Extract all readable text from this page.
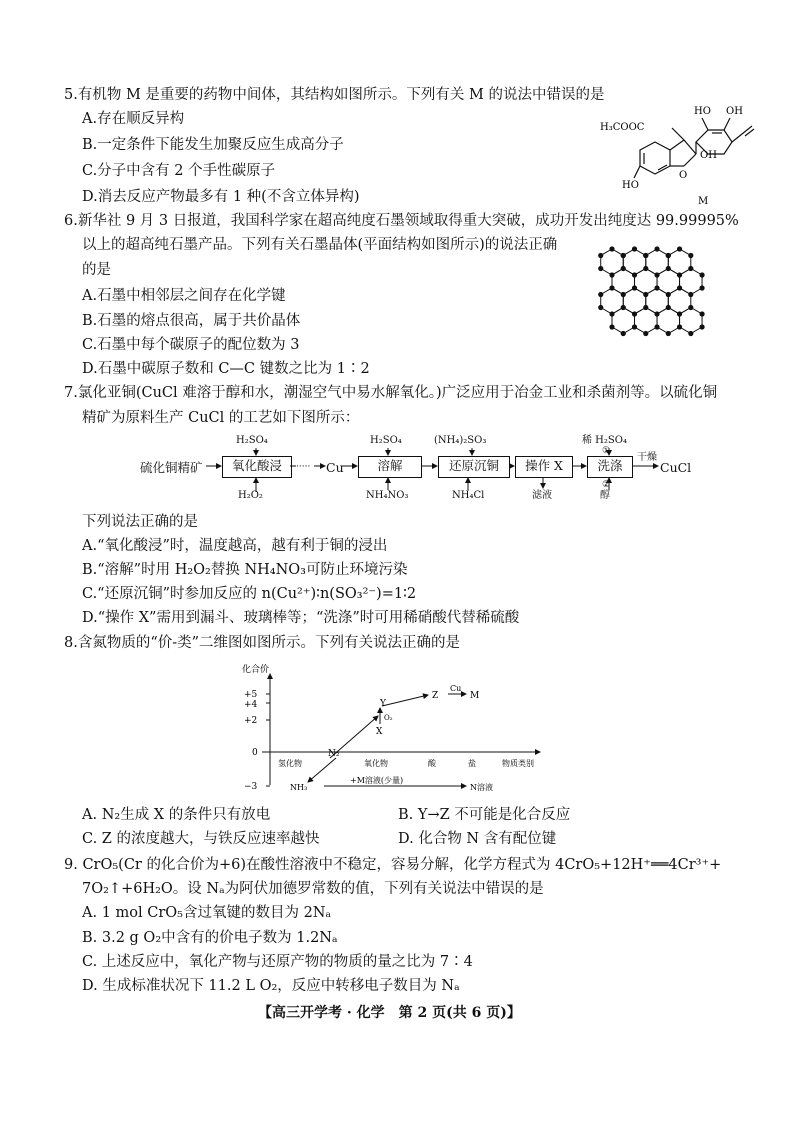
5.有机物 M 是重要的药物中间体，其结构如图所示。下列有关 M 的说法中错误的是
A.存在顺反异构
B.一定条件下能发生加聚反应生成高分子
C.分子中含有 2 个手性碳原子
D.消去反应产物最多有 1 种(不含立体异构)
H₃COOC
HO OH
OH
O
HO
M
6.新华社 9 月 3 日报道，我国科学家在超高纯度石墨领域取得重大突破，成功开发出纯度达 99.99995%
以上的超高纯石墨产品。下列有关石墨晶体(平面结构如图所示)的说法正确
的是
A.石墨中相邻层之间存在化学键
B.石墨的熔点很高，属于共价晶体
C.石墨中每个碳原子的配位数为 3
D.石墨中碳原子数和 C—C 键数之比为 1∶2
7.氯化亚铜(CuCl 难溶于醇和水，潮湿空气中易水解氧化。)广泛应用于冶金工业和杀菌剂等。以硫化铜
精矿为原料生产 CuCl 的工艺如下图所示：
硫化铜精矿	氧化酸浸	····· Cu	溶解	还原沉铜	操作 X	洗涤
干燥
CuCl
H₂SO₄	H₂SO₄	(NH₄)₂SO₃	稀 H₂SO₄
①
H₂O₂	NH₄NO₃	NH₄Cl	滤液
②
醇
下列说法正确的是
A.“氧化酸浸”时，温度越高，越有利于铜的浸出
B.“溶解”时用 H₂O₂替换 NH₄NO₃可防止环境污染
C.“还原沉铜”时参加反应的 n(Cu²⁺)∶n(SO₃²⁻)=1∶2
D.“操作 X”需用到漏斗、玻璃棒等；“洗涤”时可用稀硝酸代替稀硫酸
8.含氮物质的“价-类”二维图如图所示。下列有关说法正确的是
化合价
+5
+4
+2
0
−3
氢化物	氧化物	酸	盐	物质类别
Z	M
Y
X
N₂
NH₃	N溶液
Cu
O₂
+M溶液(少量)
A. N₂生成 X 的条件只有放电	B. Y→Z 不可能是化合反应
C. Z 的浓度越大，与铁反应速率越快	D. 化合物 N 含有配位键
9. CrO₅(Cr 的化合价为+6)在酸性溶液中不稳定，容易分解，化学方程式为 4CrO₅+12H⁺══4Cr³⁺+
7O₂↑+6H₂O。设 Nₐ为阿伏加德罗常数的值，下列有关说法中错误的是
A. 1 mol CrO₅含过氧键的数目为 2Nₐ
B. 3.2 g O₂中含有的价电子数为 1.2Nₐ
C. 上述反应中，氧化产物与还原产物的物质的量之比为 7∶4
D. 生成标准状况下 11.2 L O₂，反应中转移电子数目为 Nₐ
【高三开学考 · 化学　第 2 页(共 6 页)】
